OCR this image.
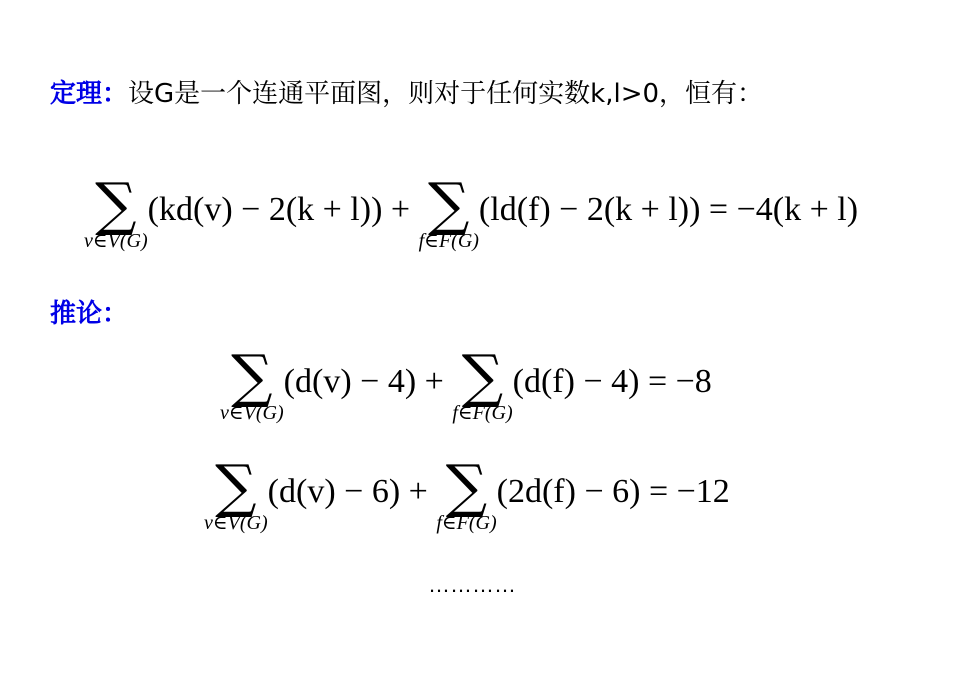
定理：设G是一个连通平面图，则对于任何实数k,l>0，恒有：
∑
v∈V(G)
(kd(v) − 2(k + l)) + ∑
f∈F(G)
(ld(f) − 2(k + l)) = −4(k + l)
推论：
∑
v∈V(G)
(d(v) − 4) + ∑
f∈F(G)
(d(f) − 4) = −8
∑
v∈V(G)
(d(v) − 6) + ∑
f∈F(G)
(2d(f) − 6) = −12
…………
